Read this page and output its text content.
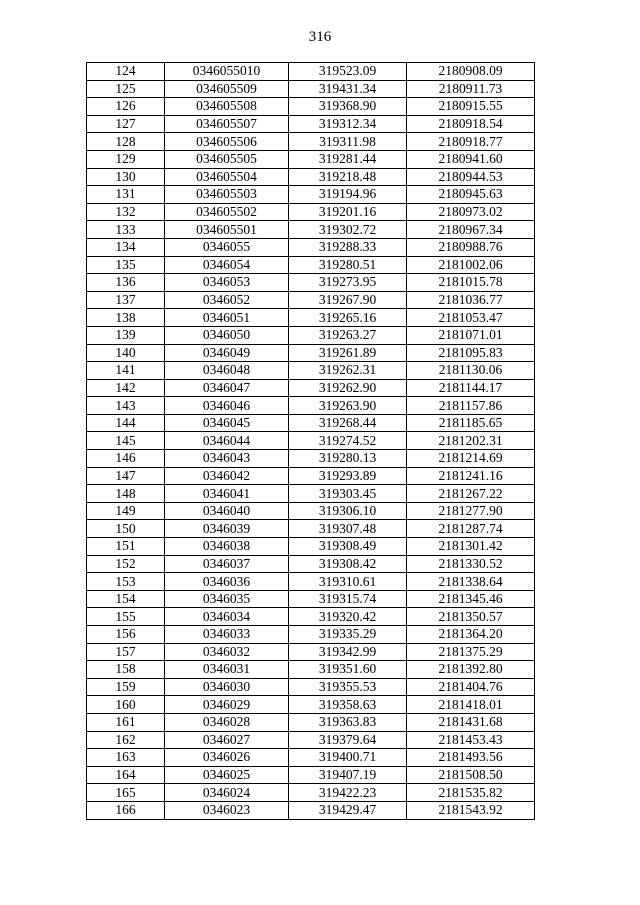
316
124	0346055010	319523.09	2180908.09
125	034605509	319431.34	2180911.73
126	034605508	319368.90	2180915.55
127	034605507	319312.34	2180918.54
128	034605506	319311.98	2180918.77
129	034605505	319281.44	2180941.60
130	034605504	319218.48	2180944.53
131	034605503	319194.96	2180945.63
132	034605502	319201.16	2180973.02
133	034605501	319302.72	2180967.34
134	0346055	319288.33	2180988.76
135	0346054	319280.51	2181002.06
136	0346053	319273.95	2181015.78
137	0346052	319267.90	2181036.77
138	0346051	319265.16	2181053.47
139	0346050	319263.27	2181071.01
140	0346049	319261.89	2181095.83
141	0346048	319262.31	2181130.06
142	0346047	319262.90	2181144.17
143	0346046	319263.90	2181157.86
144	0346045	319268.44	2181185.65
145	0346044	319274.52	2181202.31
146	0346043	319280.13	2181214.69
147	0346042	319293.89	2181241.16
148	0346041	319303.45	2181267.22
149	0346040	319306.10	2181277.90
150	0346039	319307.48	2181287.74
151	0346038	319308.49	2181301.42
152	0346037	319308.42	2181330.52
153	0346036	319310.61	2181338.64
154	0346035	319315.74	2181345.46
155	0346034	319320.42	2181350.57
156	0346033	319335.29	2181364.20
157	0346032	319342.99	2181375.29
158	0346031	319351.60	2181392.80
159	0346030	319355.53	2181404.76
160	0346029	319358.63	2181418.01
161	0346028	319363.83	2181431.68
162	0346027	319379.64	2181453.43
163	0346026	319400.71	2181493.56
164	0346025	319407.19	2181508.50
165	0346024	319422.23	2181535.82
166	0346023	319429.47	2181543.92
